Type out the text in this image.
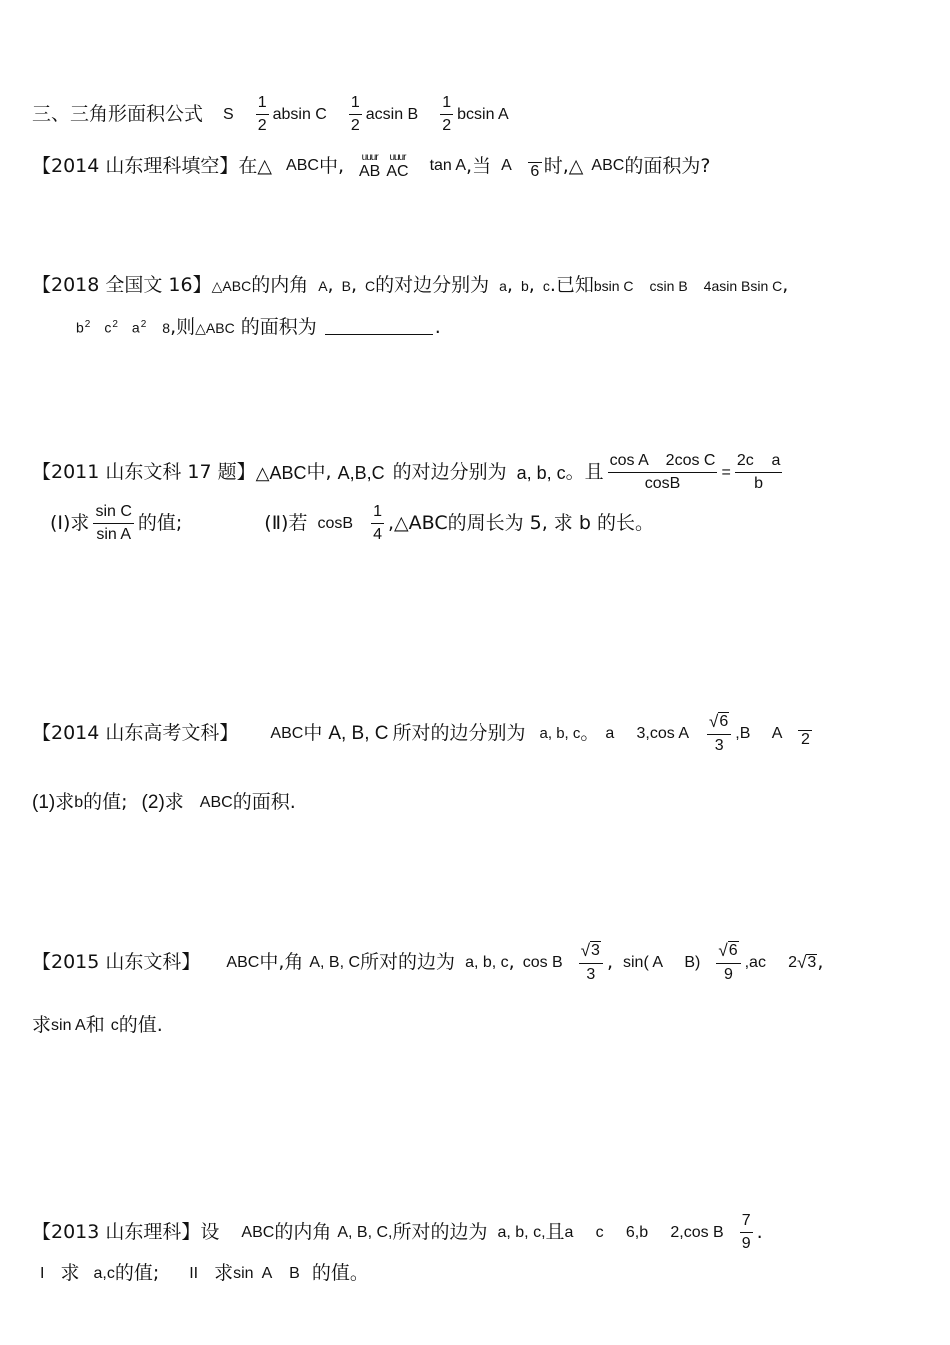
三、三角形面积公式 S $\frac{1}{2}$ absin C $\frac{1}{2}$ acsin B $\frac{1}{2}$ bcsin A
【2014 山东理科填空】 在△ ABC 中, uuur
AB
uuur
AC tan A ,当 A 6 时,△ ABC 的面积为?
【2018 全国文 16】 △ABC 的内角 A , B , C 的对边分别为 a , b , c .已知 bsin C csin B 4asin Bsin C ,
$b^2$ $c^2$ $a^2$ 8 ,则 △ABC 的面积为	.
【2011 山东文科 17 题】 △ABC 中, A,B,C 的对边分别为 a, b, c 。且 $\frac{\text{cos A    2cos C}}{\cos B} = \frac{\text{2c    a}}{b}$
(Ⅰ)求 $\frac{\text{sin C}}{\text{sin A}}$ 的值;	(Ⅱ)若 cosB $\frac{1}{4}$ ,△ABC 的周长为 5, 求 b 的长。
【2014 山东高考文科】 ABC 中 A, B, C 所对的边分别为 a, b, c 。 a     3,cos A $\frac{√ 6}{3} ,B$     A 2
(1)求 b 的值; (2)求 ABC 的面积.
【2015 山东文科】 ABC 中,角 A, B, C 所对的边为 a, b, c , cos B $\frac{√ 3}{3}$ , sin( A     $B) \frac{√ 6}{9} ,ac$     2 √ 3 ,
求 sin A 和 c 的值.
【2013 山东理科】 设 ABC 的内角 A, B, C, 所对的边为 a, b, c, 且 a     c     6,b     2,cos B $\frac{7}{9}$ .
I 求 a,c 的值; II 求 sin  A    B 的值。
